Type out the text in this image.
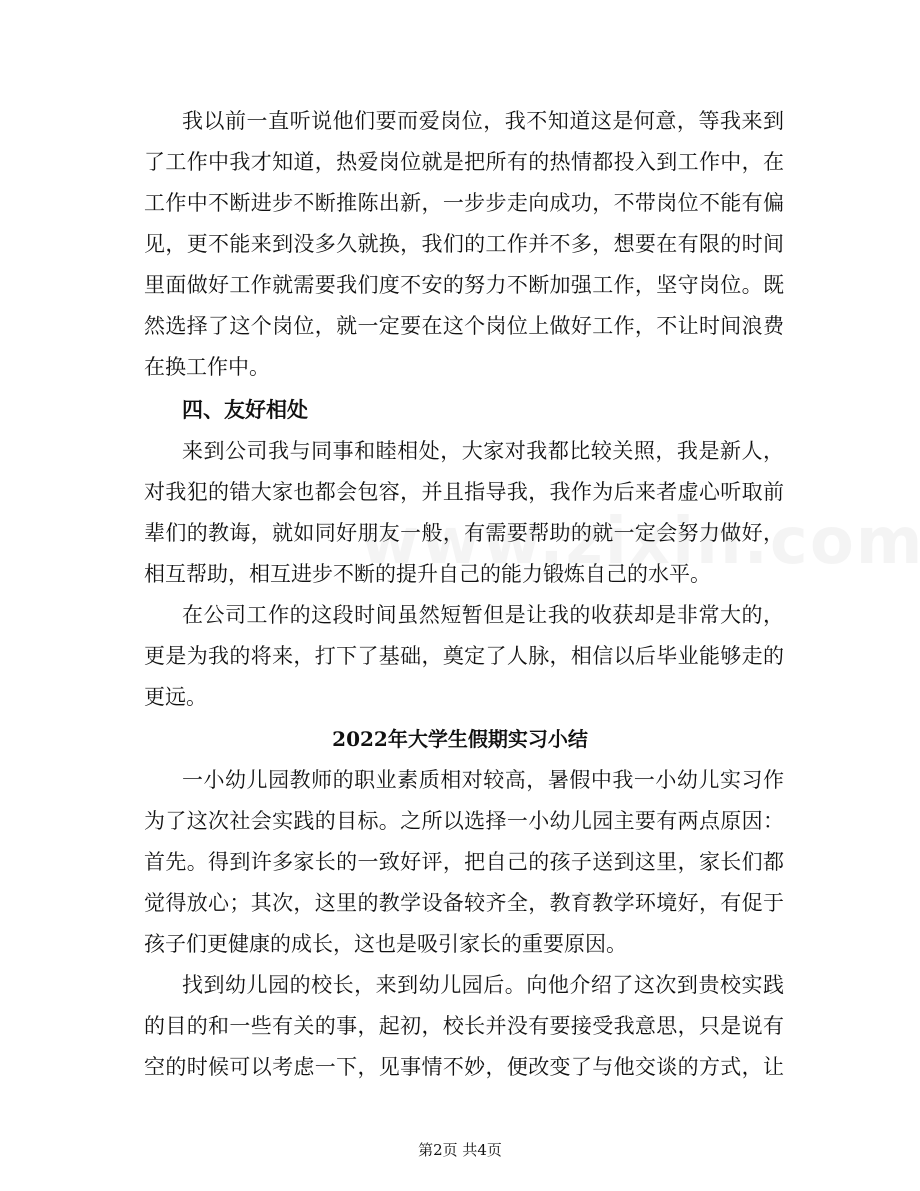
我以前一直听说他们要而爱岗位，我不知道这是何意，等我来到
了工作中我才知道，热爱岗位就是把所有的热情都投入到工作中，在
工作中不断进步不断推陈出新，一步步走向成功，不带岗位不能有偏
见，更不能来到没多久就换，我们的工作并不多，想要在有限的时间
里面做好工作就需要我们度不安的努力不断加强工作，坚守岗位。既
然选择了这个岗位，就一定要在这个岗位上做好工作，不让时间浪费
在换工作中。
四、友好相处
来到公司我与同事和睦相处，大家对我都比较关照，我是新人，
对我犯的错大家也都会包容，并且指导我，我作为后来者虚心听取前
辈们的教诲，就如同好朋友一般，有需要帮助的就一定会努力做好，
相互帮助，相互进步不断的提升自己的能力锻炼自己的水平。
在公司工作的这段时间虽然短暂但是让我的收获却是非常大的，
更是为我的将来，打下了基础，奠定了人脉，相信以后毕业能够走的
更远。
2022年大学生假期实习小结
一小幼儿园教师的职业素质相对较高，暑假中我一小幼儿实习作
为了这次社会实践的目标。之所以选择一小幼儿园主要有两点原因：
首先。得到许多家长的一致好评，把自己的孩子送到这里，家长们都
觉得放心；其次，这里的教学设备较齐全，教育教学环境好，有促于
孩子们更健康的成长，这也是吸引家长的重要原因。
找到幼儿园的校长，来到幼儿园后。向他介绍了这次到贵校实践
的目的和一些有关的事，起初，校长并没有要接受我意思，只是说有
空的时候可以考虑一下，见事情不妙，便改变了与他交谈的方式，让
第2页 共4页
